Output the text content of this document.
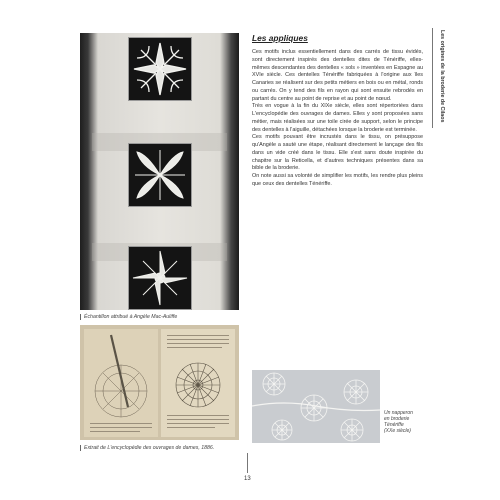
Les origines de la broderie de Cilaos
Échantillon attribué à Angèle Mac-Auliffe
Extrait de L'encyclopédie des ouvrages de dames, 1886.
Les appliques

Ces motifs inclus essentiellement dans des carrés de tissu évidés, sont directement inspirés des dentelles dites de Ténériffe, elles-mêmes descendantes des dentelles « sols » inventées en Espagne au XVIe siècle. Ces dentelles Ténériffe fabriquées à l'origine aux îles Canaries se réalisent sur des petits métiers en bois ou en métal, ronds ou carrés. On y tend des fils en rayon qui sont ensuite rebrodés en partant du centre au point de reprise et au point de nœud.

Très en vogue à la fin du XIXe siècle, elles sont répertoriées dans L'encyclopédie des ouvrages de dames. Elles y sont proposées sans métier, mais réalisées sur une toile cirée de support, selon le principe des dentelles à l'aiguille, détachées lorsque la broderie est terminée.

Ces motifs pouvant être incrustés dans le tissu, on présuppose qu'Angèle a sauté une étape, réalisant directement le lançage des fils dans un vide créé dans le tissu. Elle s'est sans doute inspirée du chapitre sur la Reticella, et d'autres techniques présentes dans sa bible de la broderie.

On note aussi sa volonté de simplifier les motifs, les rendre plus pleins que ceux des dentelles Ténériffe.

Un napperon
en broderie
Ténériffe
(XXe siècle)
13
